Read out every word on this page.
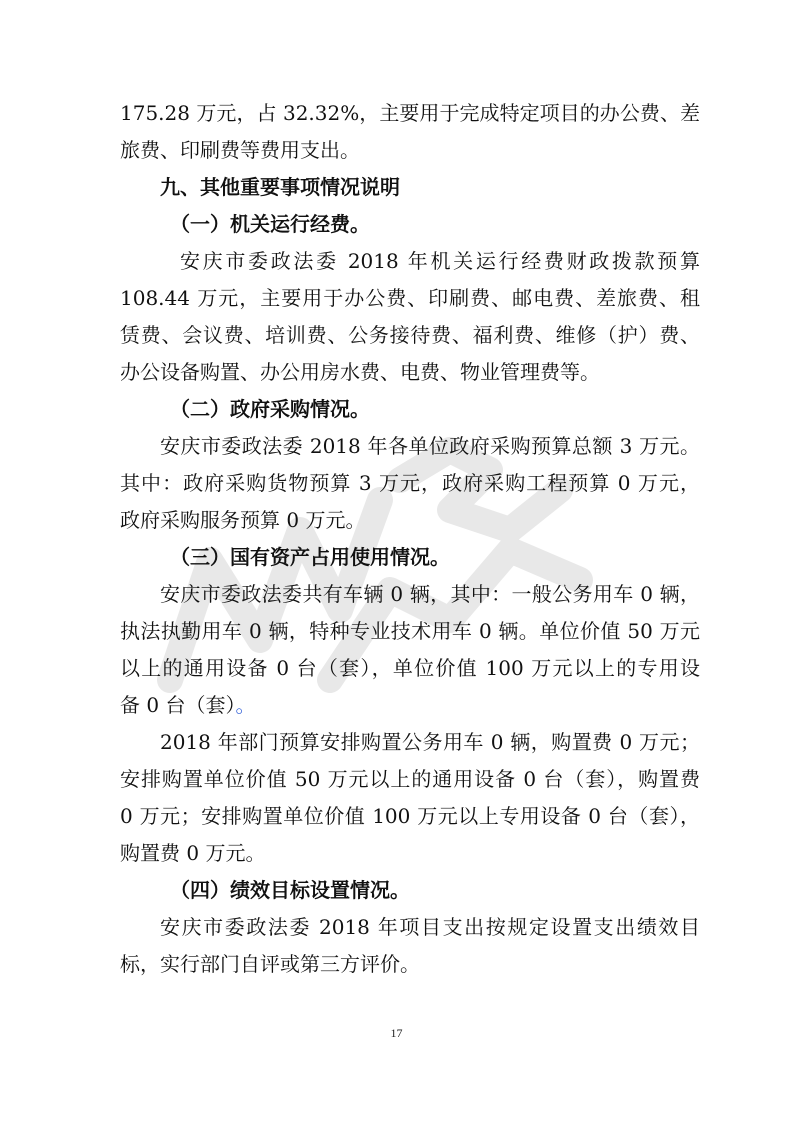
175.28 万元，占 32.32%，主要用于完成特定项目的办公费、差
旅费、印刷费等费用支出。
九、其他重要事项情况说明
（一）机关运行经费。
安庆市委政法委 2018 年机关运行经费财政拨款预算
108.44 万元，主要用于办公费、印刷费、邮电费、差旅费、租
赁费、会议费、培训费、公务接待费、福利费、维修（护）费、
办公设备购置、办公用房水费、电费、物业管理费等。
（二）政府采购情况。
安庆市委政法委 2018 年各单位政府采购预算总额 3 万元。
其中：政府采购货物预算 3 万元，政府采购工程预算 0 万元，
政府采购服务预算 0 万元。
（三）国有资产占用使用情况。
安庆市委政法委共有车辆 0 辆，其中：一般公务用车 0 辆，
执法执勤用车 0 辆，特种专业技术用车 0 辆。单位价值 50 万元
以上的通用设备 0 台（套），单位价值 100 万元以上的专用设
备 0 台（套）。
2018 年部门预算安排购置公务用车 0 辆，购置费 0 万元；
安排购置单位价值 50 万元以上的通用设备 0 台（套），购置费
0 万元；安排购置单位价值 100 万元以上专用设备 0 台（套），
购置费 0 万元。
（四）绩效目标设置情况。
安庆市委政法委 2018 年项目支出按规定设置支出绩效目
标，实行部门自评或第三方评价。
17
